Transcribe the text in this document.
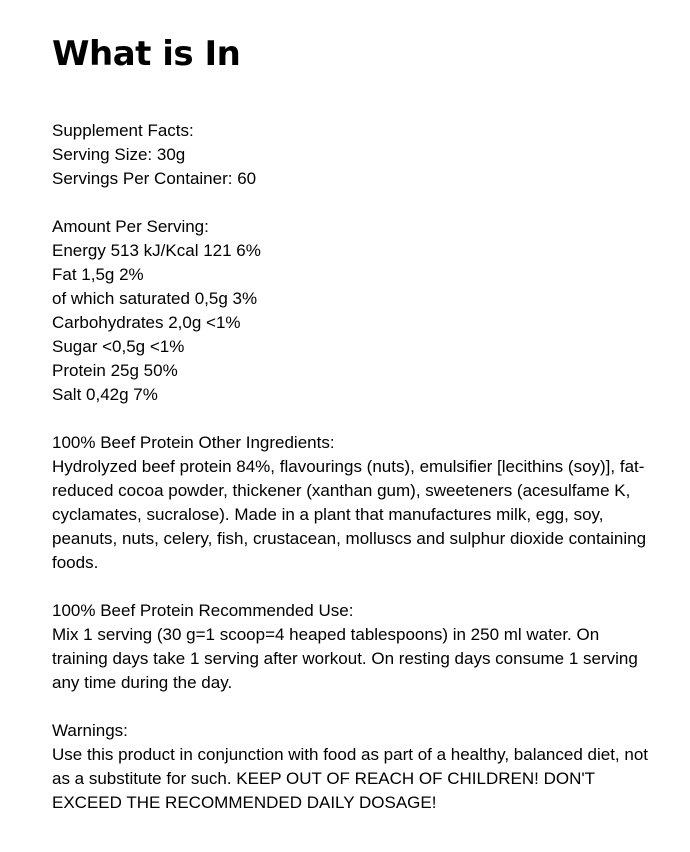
What is In
Supplement Facts:
Serving Size: 30g
Servings Per Container: 60
Amount Per Serving:
Energy 513 kJ/Kcal 121 6%
Fat 1,5g 2%
of which saturated 0,5g 3%
Carbohydrates 2,0g <1%
Sugar <0,5g <1%
Protein 25g 50%
Salt 0,42g 7%
100% Beef Protein Other Ingredients:
Hydrolyzed beef protein 84%, flavourings (nuts), emulsifier [lecithins (soy)], fat-reduced cocoa powder, thickener (xanthan gum), sweeteners (acesulfame K, cyclamates, sucralose). Made in a plant that manufactures milk, egg, soy, peanuts, nuts, celery, fish, crustacean, molluscs and sulphur dioxide containing foods.
100% Beef Protein Recommended Use:
Mix 1 serving (30 g=1 scoop=4 heaped tablespoons) in 250 ml water. On training days take 1 serving after workout. On resting days consume 1 serving any time during the day.
Warnings:
Use this product in conjunction with food as part of a healthy, balanced diet, not as a substitute for such. KEEP OUT OF REACH OF CHILDREN! DON'T EXCEED THE RECOMMENDED DAILY DOSAGE!
